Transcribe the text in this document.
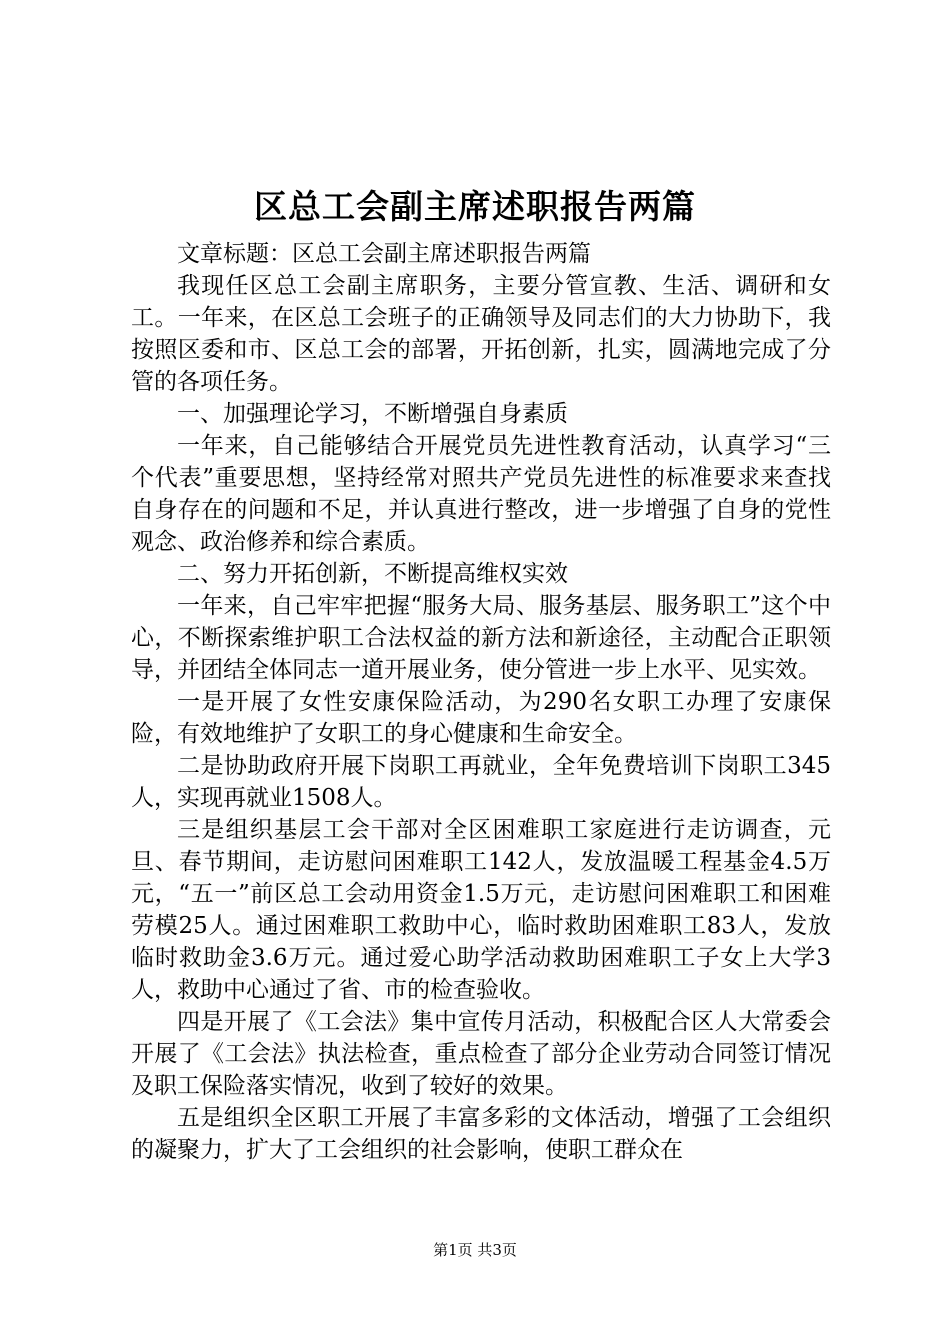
区总工会副主席述职报告两篇

文章标题：区总工会副主席述职报告两篇

我现任区总工会副主席职务，主要分管宣教、生活、调研和女工。一年来，在区总工会班子的正确领导及同志们的大力协助下，我按照区委和市、区总工会的部署，开拓创新，扎实，圆满地完成了分管的各项任务。

一、加强理论学习，不断增强自身素质

一年来，自己能够结合开展党员先进性教育活动，认真学习“三个代表”重要思想，坚持经常对照共产党员先进性的标准要求来查找自身存在的问题和不足，并认真进行整改，进一步增强了自身的党性观念、政治修养和综合素质。

二、努力开拓创新，不断提高维权实效

一年来，自己牢牢把握“服务大局、服务基层、服务职工”这个中心，不断探索维护职工合法权益的新方法和新途径，主动配合正职领导，并团结全体同志一道开展业务，使分管进一步上水平、见实效。

一是开展了女性安康保险活动，为290名女职工办理了安康保险，有效地维护了女职工的身心健康和生命安全。

二是协助政府开展下岗职工再就业，全年免费培训下岗职工345人，实现再就业1508人。

三是组织基层工会干部对全区困难职工家庭进行走访调查，元旦、春节期间，走访慰问困难职工142人，发放温暖工程基金4.5万元，“五一”前区总工会动用资金1.5万元，走访慰问困难职工和困难劳模25人。通过困难职工救助中心，临时救助困难职工83人，发放临时救助金3.6万元。通过爱心助学活动救助困难职工子女上大学3人，救助中心通过了省、市的检查验收。

四是开展了《工会法》集中宣传月活动，积极配合区人大常委会开展了《工会法》执法检查，重点检查了部分企业劳动合同签订情况及职工保险落实情况，收到了较好的效果。

五是组织全区职工开展了丰富多彩的文体活动，增强了工会组织的凝聚力，扩大了工会组织的社会影响，使职工群众在

第1页 共3页
